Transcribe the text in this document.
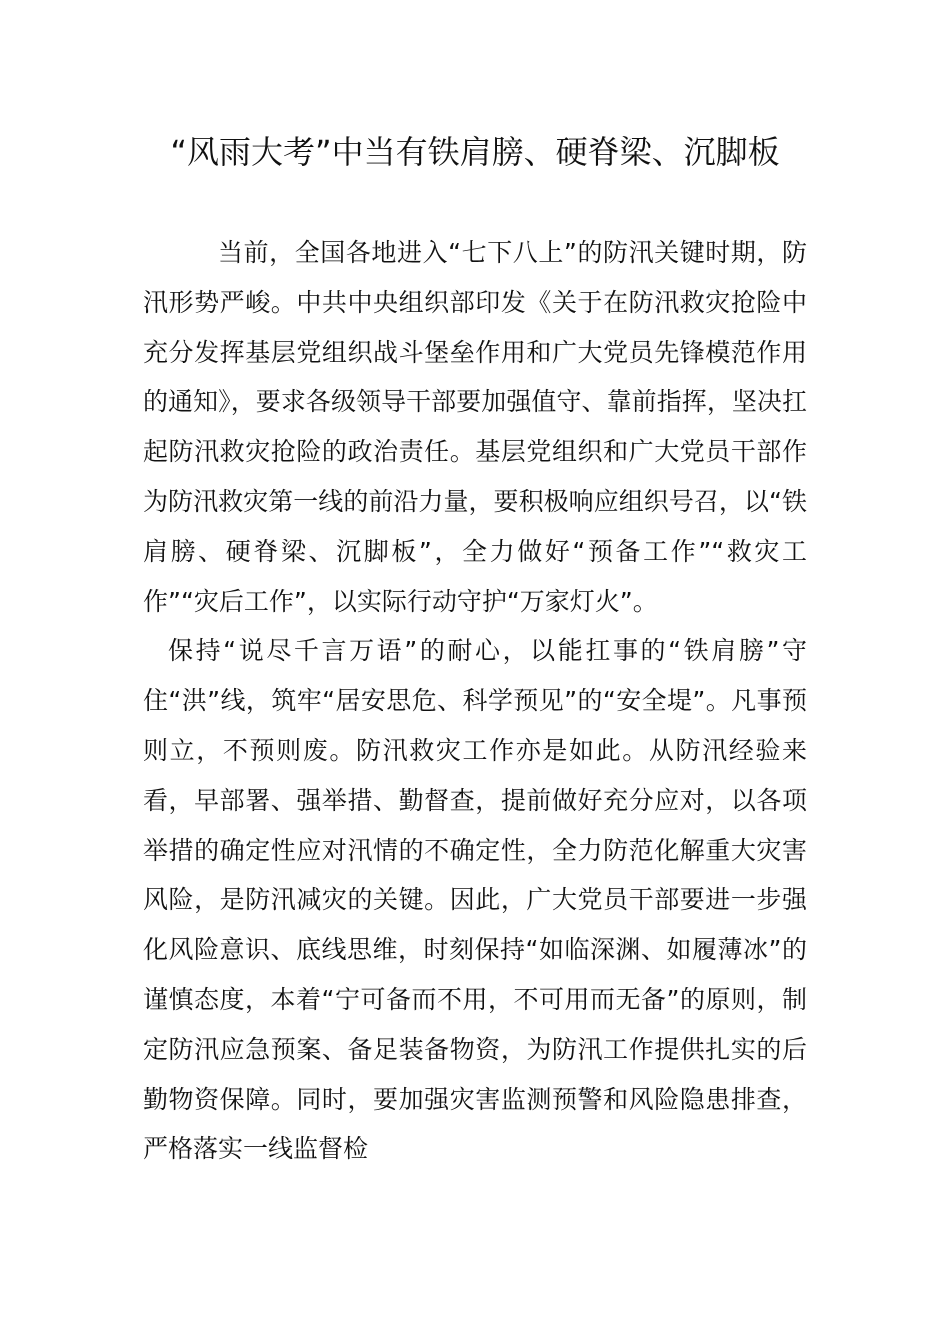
“风雨大考”中当有铁肩膀、硬脊梁、沉脚板

当前，全国各地进入“七下八上”的防汛关键时期，防汛形势严峻。中共中央组织部印发《关于在防汛救灾抢险中充分发挥基层党组织战斗堡垒作用和广大党员先锋模范作用的通知》，要求各级领导干部要加强值守、靠前指挥，坚决扛起防汛救灾抢险的政治责任。基层党组织和广大党员干部作为防汛救灾第一线的前沿力量，要积极响应组织号召，以“铁肩膀、硬脊梁、沉脚板”，全力做好“预备工作”“救灾工作”“灾后工作”，以实际行动守护“万家灯火”。

保持“说尽千言万语”的耐心，以能扛事的“铁肩膀”守住“洪”线，筑牢“居安思危、科学预见”的“安全堤”。凡事预则立，不预则废。防汛救灾工作亦是如此。从防汛经验来看，早部署、强举措、勤督查，提前做好充分应对，以各项举措的确定性应对汛情的不确定性，全力防范化解重大灾害风险，是防汛减灾的关键。因此，广大党员干部要进一步强化风险意识、底线思维，时刻保持“如临深渊、如履薄冰”的谨慎态度，本着“宁可备而不用，不可用而无备”的原则，制定防汛应急预案、备足装备物资，为防汛工作提供扎实的后勤物资保障。同时，要加强灾害监测预警和风险隐患排查，严格落实一线监督检
